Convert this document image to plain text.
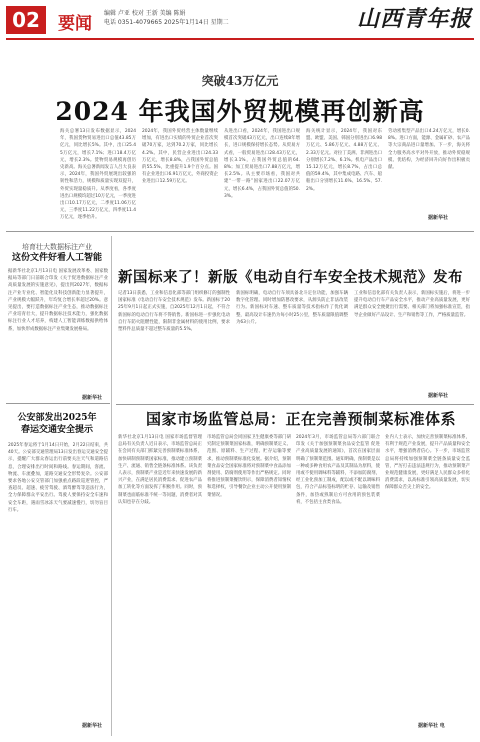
02	要闻
编辑 卢亚 校对 王新 美编 陈娟
电话 0351-4079665 2025年1月14日 星期二	山西青年报
突破43万亿元
2024 年我国外贸规模再创新高
海关总署13日发布数据显示，2024年，我国货物贸易进出口总值43.85万亿元，同比增长5%。其中，出口25.45万亿元，增长7.1%；进口18.4万亿元，增长2.3%。货物贸易规模再创历史新高。海关总署新闻发言人吕大良表示，2024年，我国外贸展现出较强的韧性和活力，规模和质量实现双提升，外贸实现量稳质升。从季度看，各季度进出口规模均超过10万亿元，一季度进出口10.17万亿元，二季度11.06万亿元，三季度11.22万亿元，四季度11.4万亿元，逐季抬升。
2024年，我国外贸经营主体数量继续增加，有进出口实绩的外贸企业首次突破70万家，达到70.2万家，同比增长4.2%。其中，民营企业进出口24.33万亿元，增长8.8%，占我国外贸总值的55.5%，比重提升1.9个百分点。国有企业进出口6.91万亿元，外商投资企业进出口12.59万亿元。
从进出口看，2024年，我国进出口规模首次突破43万亿元，出口连续8年增长，进口规模保持增长态势。从贸易方式看，一般贸易进出口28.43万亿元，增长3.1%，占我国外贸总值的64.8%；加工贸易进出口7.88万亿元，增长2.5%。从主要市场看，我国对共建“一带一路”国家进出口22.07万亿元，增长6.4%，占我国外贸总值的50.3%。
海关统计显示，2024年，我国对东盟、欧盟、美国、韩国分别进出口6.98万亿元、5.86万亿元、4.88万亿元、2.33万亿元。对拉丁美洲、非洲进出口分别增长7.2%、6.1%。机电产品出口15.12万亿元，增长8.7%，占出口总值的59.4%，其中集成电路、汽车、船舶出口分别增长11.6%、16.5%、57.2%。
劳动密集型产品出口4.24万亿元，增长0.8%。进口方面，能源、金属矿砂、农产品等大宗商品进口量增加。下一步，海关将全力服务高水平对外开放，推动外贸稳规模、优结构，为经济回升向好作出积极贡献。
据新华社
培育壮大数据标注产业
这份文件好看人工智能
据新华社北京1月13日电 国家发展改革委、国家数据局等部门日前联合印发《关于促进数据标注产业高质量发展的实施意见》，提出到2027年，数据标注产业专业化、智能化及科技创新能力显著提升，产业规模大幅跃升，年均复合增长率超过20%。意见提出，要打造数据标注产业生态，推动数据标注产业培育壮大，提升数据标注技术能力，强化数据标注行业人才培养，构建人工智能训练数据供给体系，加快形成数据标注产业集聚发展格局。
据新华社
公安部发出2025年
春运交通安全提示
2025年春运将于1月14日开始，2月22日结束，共40天。公安部交通管理局13日发出春运交通安全提示，提醒广大群众春运出行前要关注天气和道路信息，合理安排出行时间和路线。春运期间，客流、物流、车流叠加，道路交通安全形势复杂。公安部要求各地公安交管部门加强重点路段巡逻管控，严查超员、超速、疲劳驾驶、酒驾醉驾等违法行为，全力保障群众平安出行。驾驶人要保持安全车速和安全车距，遇雨雪冰冻天气要减速慢行，切勿盲目行车。
据新华社
新国标来了！新版《电动自行车安全技术规范》发布
记者13日获悉，工业和信息化部等部门组织修订的强制性国家标准《电动自行车安全技术规范》发布。新国标于2025年9月1日起正式实施，自2025年12月1日起，不符合新国标的电动自行车将不得销售。新国标进一步强化电动自行车防火阻燃性能，限制非金属材料的使用比例，要求塑料件总质量不超过整车质量的5.5%。
新国标明确，电动自行车须具备北斗定位功能，加强车辆数字化管理。同时增加防篡改要求，从源头防止非法改装行为。新国标对车速、整车质量等技术指标作了优化调整，最高设计车速仍为每小时25公里，整车质量限值调整为63公斤。
工业和信息化部有关负责人表示，新国标实施后，将进一步提升电动自行车产品安全水平，推动产业高质量发展，更好满足群众安全便捷出行需要。相关部门将加强标准宣贯，指导企业做好产品设计、生产和销售等工作，严格质量监管。
据新华社
国家市场监管总局：正在完善预制菜标准体系
新华社北京1月13日电 国家市场监督管理总局有关负责人近日表示，市场监管总局正在会同有关部门抓紧完善预制菜标准体系，加快研制预制菜国家标准，推动建立预制菜生产、流通、销售全链条标准体系。该负责人表示，预制菜产业是近年来快速发展的新兴产业，在满足居民消费需求、促进农产品加工转化等方面发挥了积极作用。同时，预制菜也面临标准不统一等问题，消费者对其认知也存在分歧。
市场监管总局会同国家卫生健康委等部门研究制定预制菜国家标准，明确预制菜定义、范围、原辅料、生产过程、贮存运输等要求，推动预制菜标准化发展。据介绍，预制菜食品安全国家标准将对预制菜中食品添加剂使用、防腐剂使用等作出严格规定。同时将推进预制菜餐饮明示，保障消费者知情权和选择权，引导餐饮企业主动公开使用预制菜情况。
2024年3月，市场监管总局等六部门联合印发《关于加强预制菜食品安全监管 促进产业高质量发展的通知》，首次在国家层面明确了预制菜范围。通知明确，预制菜是以一种或多种食用农产品及其制品为原料，使用或不使用调味料等辅料，不添加防腐剂，经工业化预加工制成，配以或不配以调味料包，符合产品标签标明的贮存、运输及销售条件，加热或熟制后方可食用的预包装菜肴，不包括主食类食品。
业内人士表示，加快完善预制菜标准体系，有利于规范产业发展，提升产品质量和安全水平，增强消费者信心。下一步，市场监管总局将持续加强预制菜全链条质量安全监管，严厉打击违法违规行为，推动预制菜产业规范健康发展，更好满足人民群众多样化消费需求，以高标准引领高质量发展，切实保障群众舌尖上的安全。
据新华社 电
